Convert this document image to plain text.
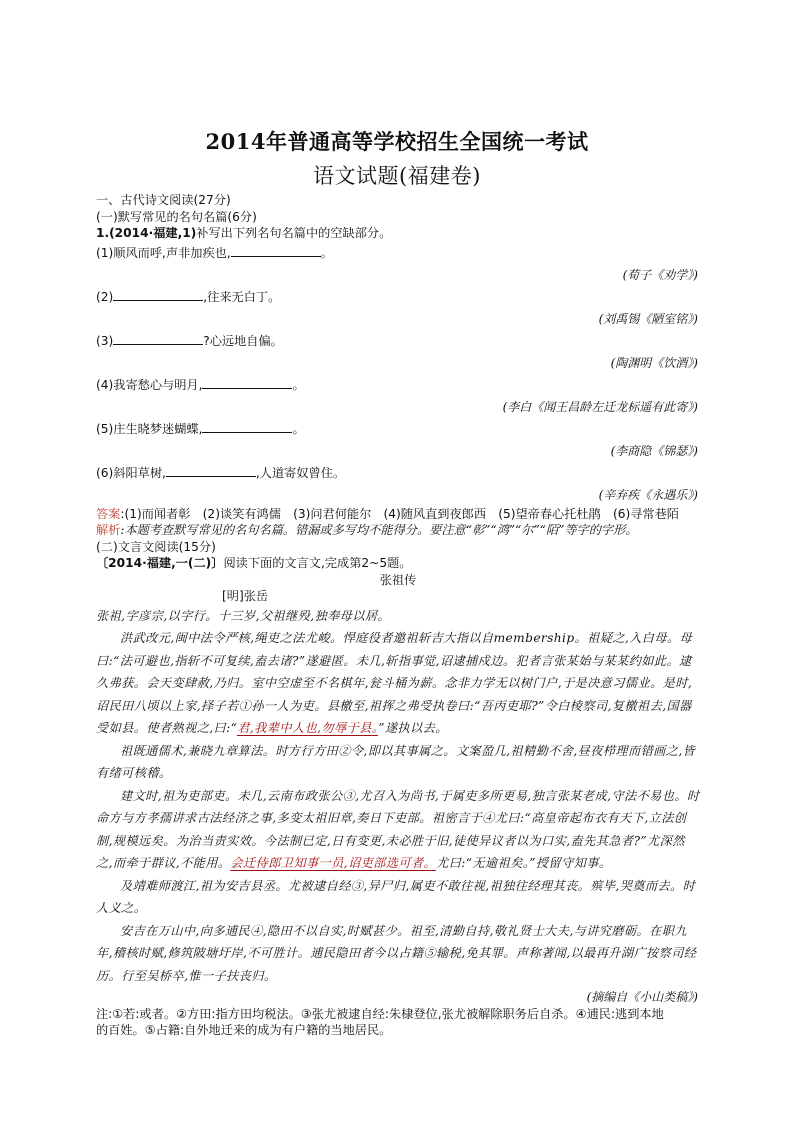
2014年普通高等学校招生全国统一考试
语文试题(福建卷)

一、古代诗文阅读(27分)

(一)默写常见的名句名篇(6分)

1.(2014·福建,1)补写出下列名句名篇中的空缺部分。

(1)顺风而呼,声非加疾也,	。

(荀子《劝学》)

(2)	,往来无白丁。

(刘禹锡《陋室铭》)

(3)	?心远地自偏。

(陶渊明《饮酒》)

(4)我寄愁心与明月,	。

(李白《闻王昌龄左迁龙标遥有此寄》)

(5)庄生晓梦迷蝴蝶,	。

(李商隐《锦瑟》)

(6)斜阳草树,	,人道寄奴曾住。

(辛弃疾《永遇乐》)

答案:(1)而闻者彰　(2)谈笑有鸿儒　(3)问君何能尔　(4)随风直到夜郎西　(5)望帝春心托杜鹃　(6)寻常巷陌

解析:本题考查默写常见的名句名篇。错漏或多写均不能得分。要注意“彰”“鸿”“尔”“陌”等字的字形。

(二)文言文阅读(15分)

〔2014·福建,一(二)〕阅读下面的文言文,完成第2~5题。

张祖传

[明]张岳

张祖,字彦宗,以字行。十三岁,父祖继殁,独奉母以居。

洪武改元,闽中法令严核,绳吏之法尤峻。悍庭役者邀祖斩吉大指以自membership。祖疑之,入白母。母曰:“法可避也,指斩不可复续,盍去诸?”遂避匿。未几,斩指事觉,诏逮捕戍边。犯者言张某始与某某约如此。逮久弗获。会天变肆赦,乃归。室中空虚至不名棋年,瓮斗桶为薪。念非力学无以树门户,于是决意习儒业。是时,诏民田八顷以上家,择子若①孙一人为吏。县檄至,祖挥之弗受执卷曰:“吾丙吏耶?”令白棱察司,复檄祖去,国器受如县。使者熟视之,曰:“君,我辈中人也,勿辱于县。”遂执以去。

祖既通儒术,兼晓九章算法。时方行方田②令,即以其事属之。文案盈几,祖精勤不舍,昼夜栉理而错画之,皆有绪可核稽。

建文时,祖为吏部吏。未几,云南布政张公③,尤召入为尚书,于属吏多所更易,独言张某老成,守法不易也。时命方与方孝孺讲求古法经济之事,多变太祖旧章,奏日下吏部。祖密言于④尤曰:“高皇帝起布衣有天下,立法创制,规模远矣。为治当责实效。今法制已定,日有变更,未必胜于旧,徒使异议者以为口实,盍先其急者?”尤深然之,而牵于群议,不能用。会迁侍郎卫知事一员,诏吏部选可者。尤曰:“无逾祖矣。”授留守知事。

及靖难师渡江,祖为安吉县丞。尤被逮自经③,异尸归,属吏不敢往视,祖独往经理其丧。殡毕,哭奠而去。时人义之。

安吉在万山中,向多逋民④,隐田不以自实,时赋甚少。祖至,清勤自持,敬礼贤士大夫,与讲究磨砺。在职九年,稽核时赋,修筑陂塘圩岸,不可胜计。逋民隐田者今以占籍⑤输税,免其罪。声称著闻,以最再升湖广按察司经历。行至吴桥卒,惟一子扶丧归。

(摘编自《小山类稿》)

注:①若:或者。②方田:指方田均税法。③张尤被逮自经:朱棣登位,张尤被解除职务后自杀。④逋民:逃到本地

的百姓。⑤占籍:自外地迁来的成为有户籍的当地居民。
